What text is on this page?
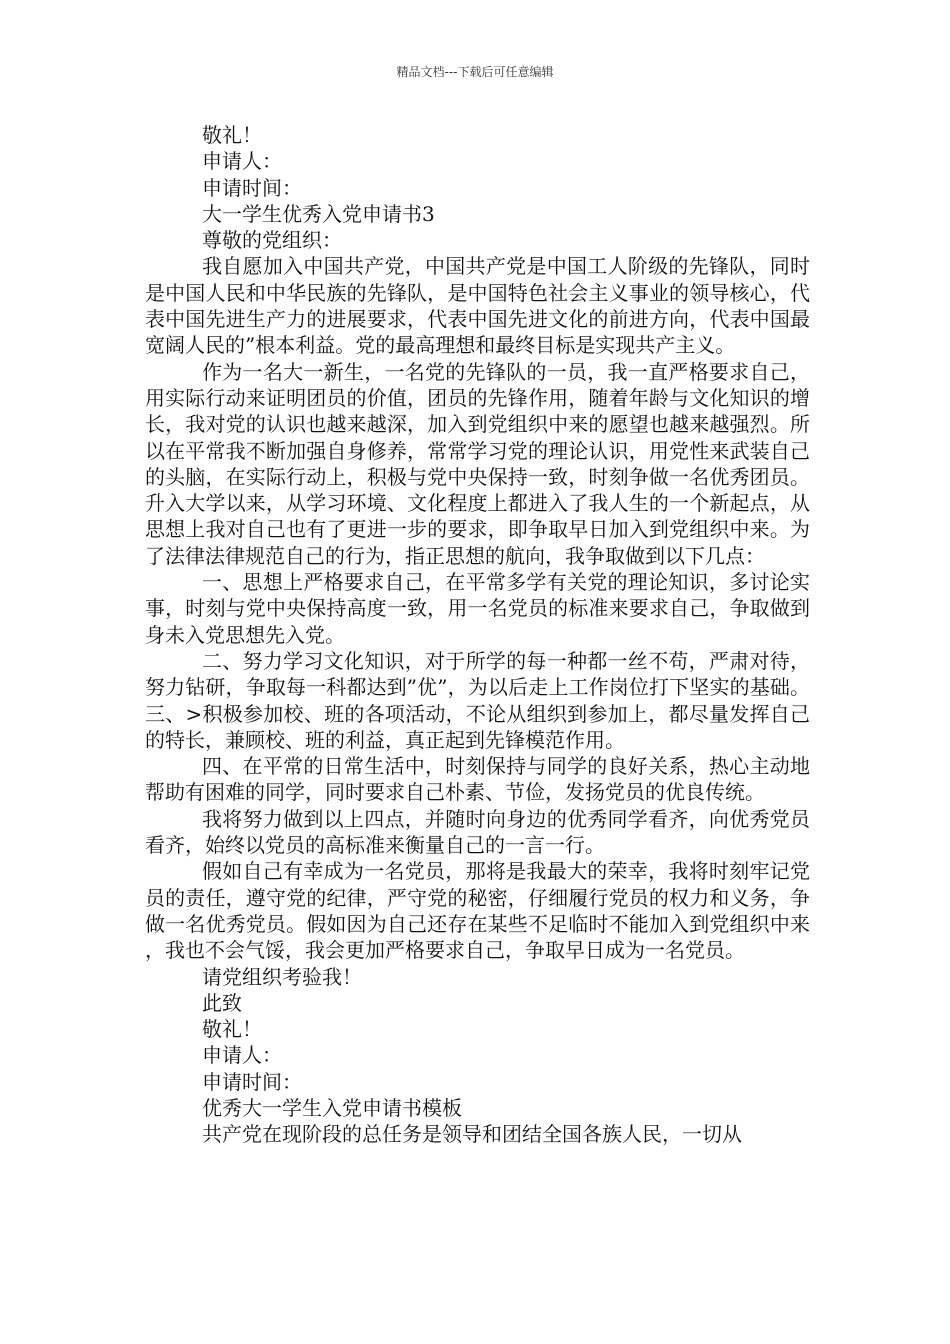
精品文档---下载后可任意编辑

敬礼！

申请人：

申请时间：

大一学生优秀入党申请书3

尊敬的党组织：

我自愿加入中国共产党，中国共产党是中国工人阶级的先锋队，同时是中国人民和中华民族的先锋队，是中国特色社会主义事业的领导核心，代表中国先进生产力的进展要求，代表中国先进文化的前进方向，代表中国最宽阔人民的”根本利益。党的最高理想和最终目标是实现共产主义。

作为一名大一新生，一名党的先锋队的一员，我一直严格要求自己，用实际行动来证明团员的价值，团员的先锋作用，随着年龄与文化知识的增长，我对党的认识也越来越深，加入到党组织中来的愿望也越来越强烈。所以在平常我不断加强自身修养，常常学习党的理论认识，用党性来武装自己的头脑，在实际行动上，积极与党中央保持一致，时刻争做一名优秀团员。升入大学以来，从学习环境、文化程度上都进入了我人生的一个新起点，从思想上我对自己也有了更进一步的要求，即争取早日加入到党组织中来。为了法律法律规范自己的行为，指正思想的航向，我争取做到以下几点：

一、思想上严格要求自己，在平常多学有关党的理论知识，多讨论实事，时刻与党中央保持高度一致，用一名党员的标准来要求自己，争取做到身未入党思想先入党。

二、努力学习文化知识，对于所学的每一种都一丝不苟，严肃对待，努力钻研，争取每一科都达到”优”，为以后走上工作岗位打下坚实的基础。三、>积极参加校、班的各项活动，不论从组织到参加上，都尽量发挥自己的特长，兼顾校、班的利益，真正起到先锋模范作用。

四、在平常的日常生活中，时刻保持与同学的良好关系，热心主动地帮助有困难的同学，同时要求自己朴素、节俭，发扬党员的优良传统。

我将努力做到以上四点，并随时向身边的优秀同学看齐，向优秀党员看齐，始终以党员的高标准来衡量自己的一言一行。

假如自己有幸成为一名党员，那将是我最大的荣幸，我将时刻牢记党员的责任，遵守党的纪律，严守党的秘密，仔细履行党员的权力和义务，争做一名优秀党员。假如因为自己还存在某些不足临时不能加入到党组织中来，我也不会气馁，我会更加严格要求自己，争取早日成为一名党员。

请党组织考验我！

此致

敬礼！

申请人：

申请时间：

优秀大一学生入党申请书模板

共产党在现阶段的总任务是领导和团结全国各族人民，一切从
